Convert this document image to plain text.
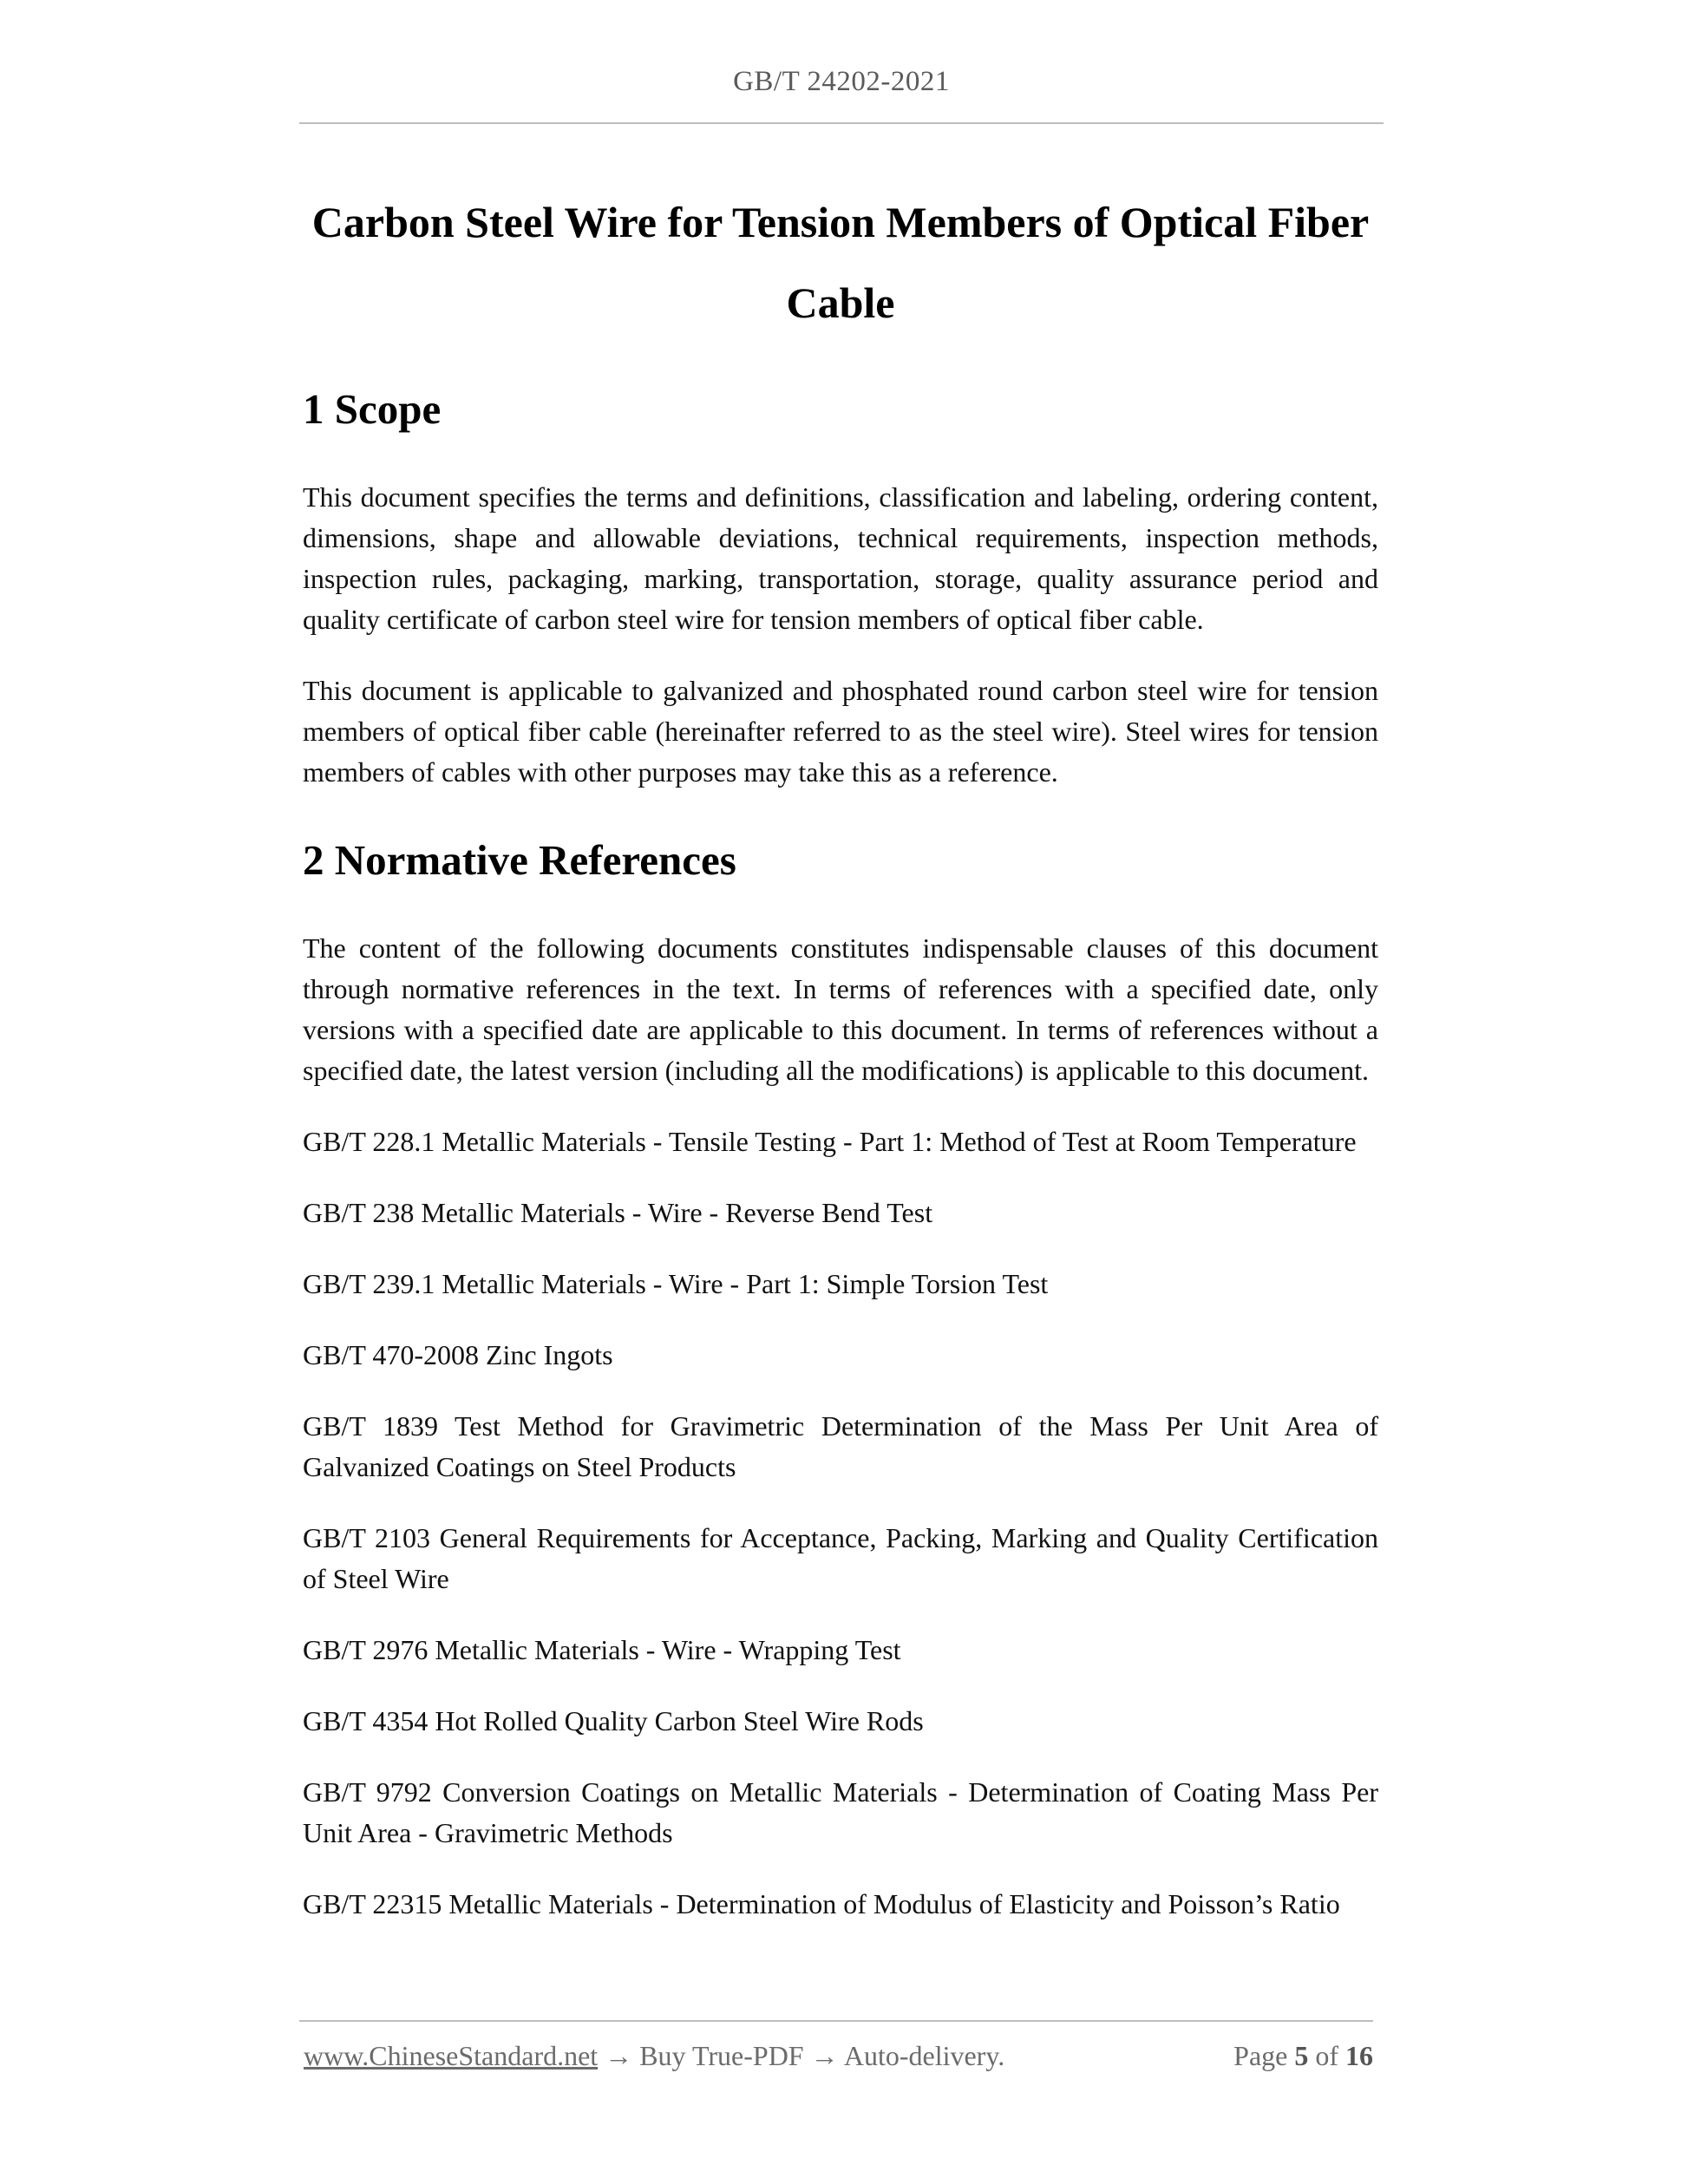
GB/T 24202-2021
Carbon Steel Wire for Tension Members of Optical Fiber
Cable
1 Scope

This document specifies the terms and definitions, classification and labeling, ordering content, dimensions, shape and allowable deviations, technical requirements, inspection methods, inspection rules, packaging, marking, transportation, storage, quality assurance period and quality certificate of carbon steel wire for tension members of optical fiber cable.

This document is applicable to galvanized and phosphated round carbon steel wire for tension members of optical fiber cable (hereinafter referred to as the steel wire). Steel wires for tension members of cables with other purposes may take this as a reference.

2 Normative References

The content of the following documents constitutes indispensable clauses of this document through normative references in the text. In terms of references with a specified date, only versions with a specified date are applicable to this document. In terms of references without a specified date, the latest version (including all the modifications) is applicable to this document.

GB/T 228.1 Metallic Materials - Tensile Testing - Part 1: Method of Test at Room Temperature
GB/T 238 Metallic Materials - Wire - Reverse Bend Test
GB/T 239.1 Metallic Materials - Wire - Part 1: Simple Torsion Test
GB/T 470-2008 Zinc Ingots
GB/T 1839 Test Method for Gravimetric Determination of the Mass Per Unit Area of Galvanized Coatings on Steel Products
GB/T 2103 General Requirements for Acceptance, Packing, Marking and Quality Certification of Steel Wire
GB/T 2976 Metallic Materials - Wire - Wrapping Test
GB/T 4354 Hot Rolled Quality Carbon Steel Wire Rods
GB/T 9792 Conversion Coatings on Metallic Materials - Determination of Coating Mass Per Unit Area - Gravimetric Methods
GB/T 22315 Metallic Materials - Determination of Modulus of Elasticity and Poisson’s Ratio
www.ChineseStandard.net → Buy True-PDF → Auto-delivery.	Page 5 of 16
